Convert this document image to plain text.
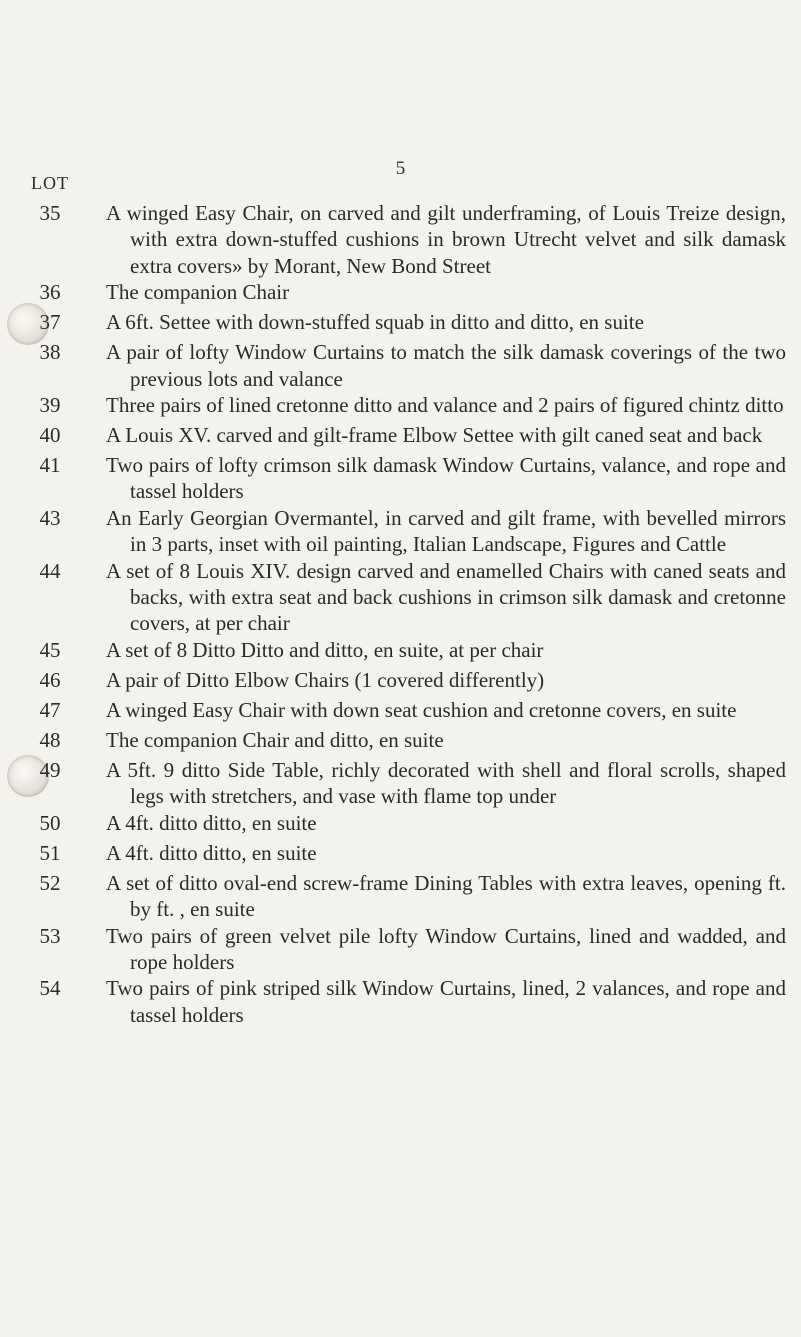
5
LOT
35	A winged Easy Chair, on carved and gilt underframing, of Louis Treize design, with extra down-stuffed cushions in brown Utrecht velvet and silk damask extra covers» by Morant, New Bond Street
36	The companion Chair
37	A 6ft. Settee with down-stuffed squab in ditto and ditto, en suite
38	A pair of lofty Window Curtains to match the silk damask coverings of the two previous lots and valance
39	Three pairs of lined cretonne ditto and valance and 2 pairs of figured chintz ditto
40	A Louis XV. carved and gilt-frame Elbow Settee with gilt caned seat and back
41	Two pairs of lofty crimson silk damask Window Curtains, valance, and rope and tassel holders
43	An Early Georgian Overmantel, in carved and gilt frame, with bevelled mirrors in 3 parts, inset with oil painting, Italian Landscape, Figures and Cattle
44	A set of 8 Louis XIV. design carved and enamelled Chairs with caned seats and backs, with extra seat and back cushions in crimson silk damask and cretonne covers, at per chair
45	A set of 8 Ditto Ditto and ditto, en suite, at per chair
46	A pair of Ditto Elbow Chairs (1 covered differently)
47	A winged Easy Chair with down seat cushion and cretonne covers, en suite
48	The companion Chair and ditto, en suite
49	A 5ft. 9 ditto Side Table, richly decorated with shell and floral scrolls, shaped legs with stretchers, and vase with flame top under
50	A 4ft. ditto ditto, en suite
51	A 4ft. ditto ditto, en suite
52	A set of ditto oval-end screw-frame Dining Tables with extra leaves, opening ft. by ft. , en suite
53	Two pairs of green velvet pile lofty Window Curtains, lined and wadded, and rope holders
54	Two pairs of pink striped silk Window Curtains, lined, 2 valances, and rope and tassel holders
